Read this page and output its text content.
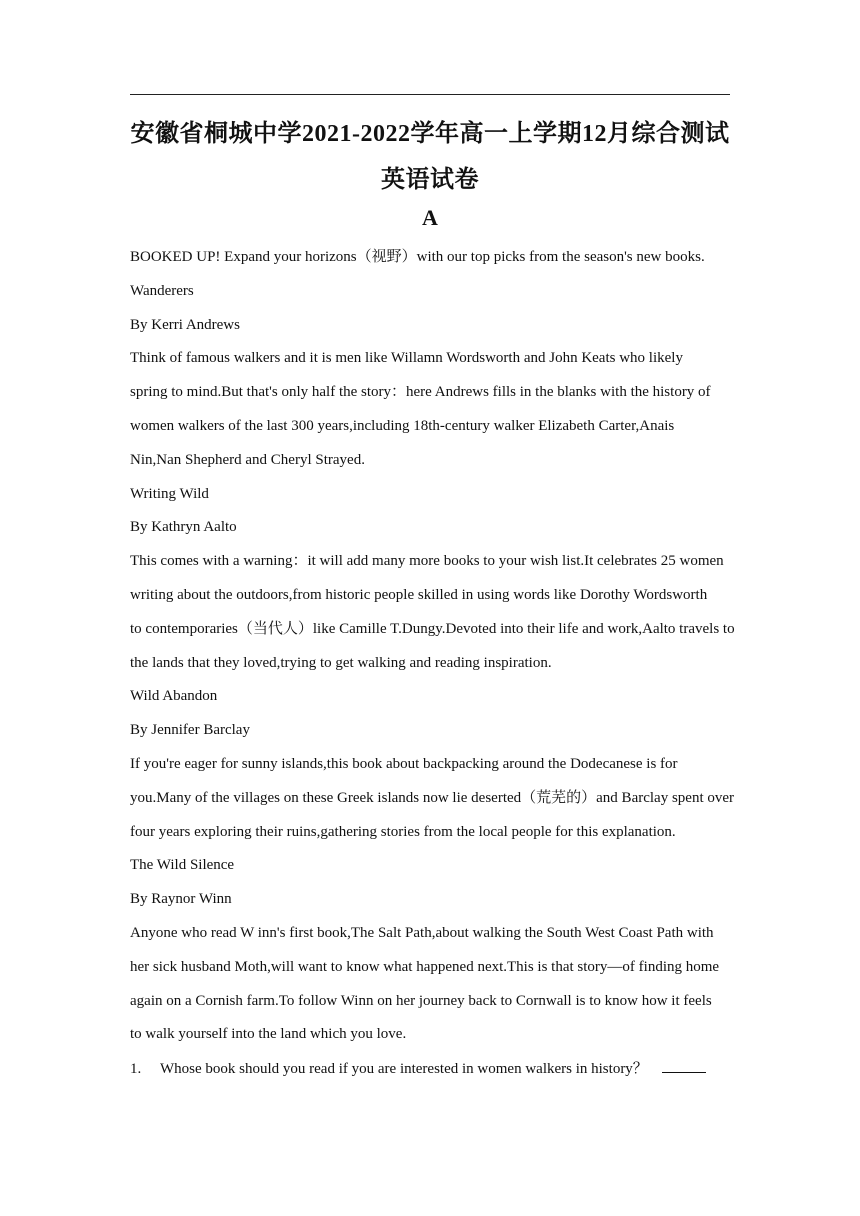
安徽省桐城中学2021-2022学年高一上学期12月综合测试
英语试卷
A
BOOKED UP! Expand your horizons（视野）with our top picks from the season's new books.
Wanderers
By Kerri Andrews
Think of famous walkers and it is men like Willamn Wordsworth and John Keats who likely
spring to mind.But that's only half the story：here Andrews fills in the blanks with the history of
women walkers of the last 300 years,including 18th-century walker Elizabeth Carter,Anais
Nin,Nan Shepherd and Cheryl Strayed.
Writing Wild
By Kathryn Aalto
This comes with a warning：it will add many more books to your wish list.It celebrates 25 women
writing about the outdoors,from historic people skilled in using words like Dorothy Wordsworth
to contemporaries（当代人）like Camille T.Dungy.Devoted into their life and work,Aalto travels to
the lands that they loved,trying to get walking and reading inspiration.
Wild Abandon
By Jennifer Barclay
If you're eager for sunny islands,this book about backpacking around the Dodecanese is for
you.Many of the villages on these Greek islands now lie deserted（荒芜的）and Barclay spent over
four years exploring their ruins,gathering stories from the local people for this explanation.
The Wild Silence
By Raynor Winn
Anyone who read W inn's first book,The Salt Path,about walking the South West Coast Path with
her sick husband Moth,will want to know what happened next.This is that story—of finding home
again on a Cornish farm.To follow Winn on her journey back to Cornwall is to know how it feels
to walk yourself into the land which you love.
1. Whose book should you read if you are interested in women walkers in history？
